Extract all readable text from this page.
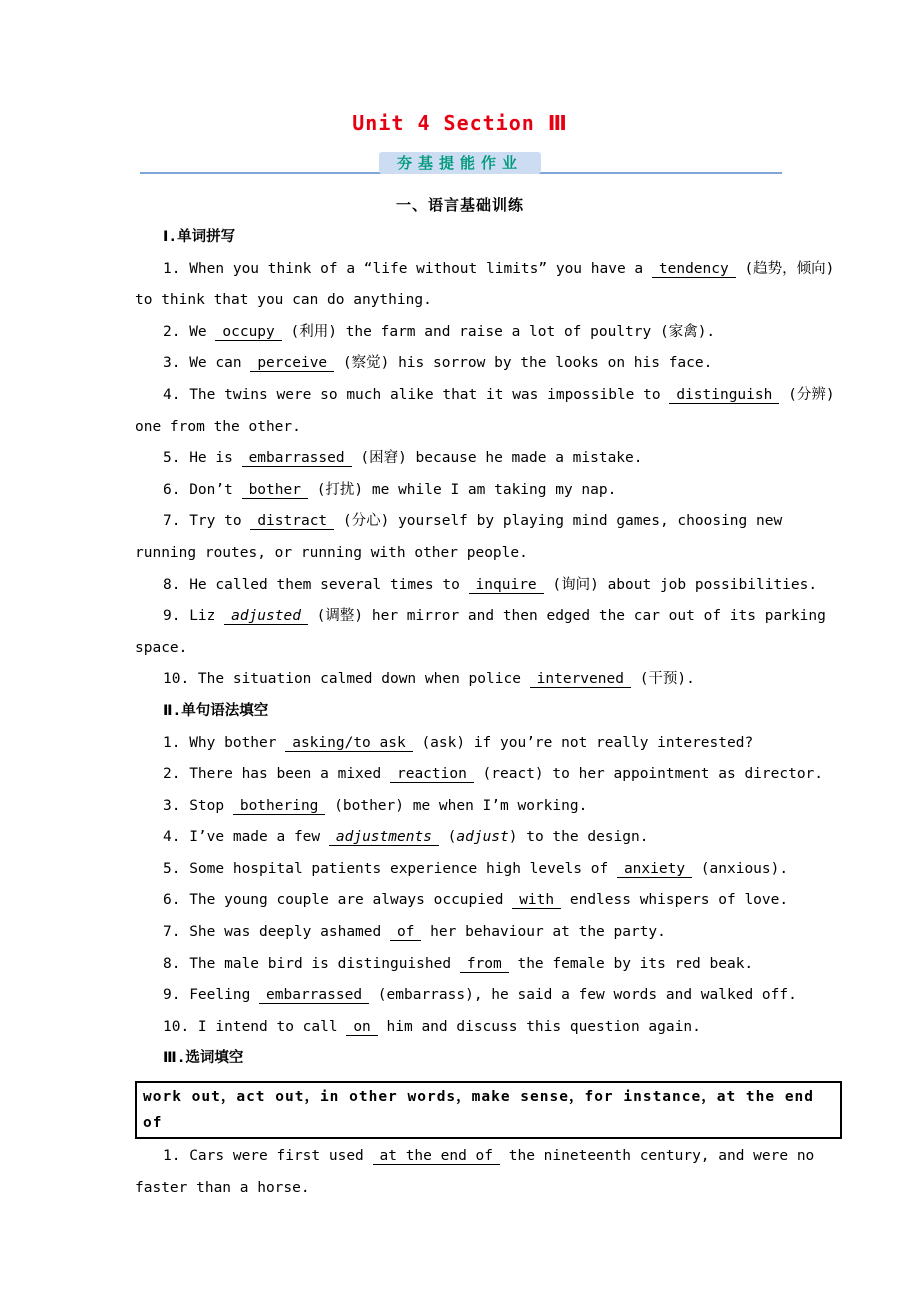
Unit 4 Section Ⅲ
夯基提能作业
一、语言基础训练

Ⅰ.单词拼写

1. When you think of a “life without limits” you have a tendency (趋势，倾向) to think that you can do anything.

2. We occupy (利用) the farm and raise a lot of poultry (家禽).

3. We can perceive (察觉) his sorrow by the looks on his face.

4. The twins were so much alike that it was impossible to distinguish (分辨) one from the other.

5. He is embarrassed (困窘) because he made a mistake.

6. Don’t bother (打扰) me while I am taking my nap.

7. Try to distract (分心) yourself by playing mind games, choosing new running routes, or running with other people.

8. He called them several times to inquire (询问) about job possibilities.

9. Liz adjusted (调整) her mirror and then edged the car out of its parking space.

10. The situation calmed down when police intervened (干预).

Ⅱ.单句语法填空

1. Why bother asking/to ask (ask) if you’re not really interested?

2. There has been a mixed reaction (react) to her appointment as director.

3. Stop bothering (bother) me when I’m working.

4. I’ve made a few adjustments (adjust) to the design.

5. Some hospital patients experience high levels of anxiety (anxious).

6. The young couple are always occupied with endless whispers of love.

7. She was deeply ashamed of her behaviour at the party.

8. The male bird is distinguished from the female by its red beak.

9. Feeling embarrassed (embarrass), he said a few words and walked off.

10. I intend to call on him and discuss this question again.

Ⅲ.选词填空

work out，act out，in other words，make sense，for instance，at the end of

1. Cars were first used at the end of the nineteenth century, and were no faster than a horse.
